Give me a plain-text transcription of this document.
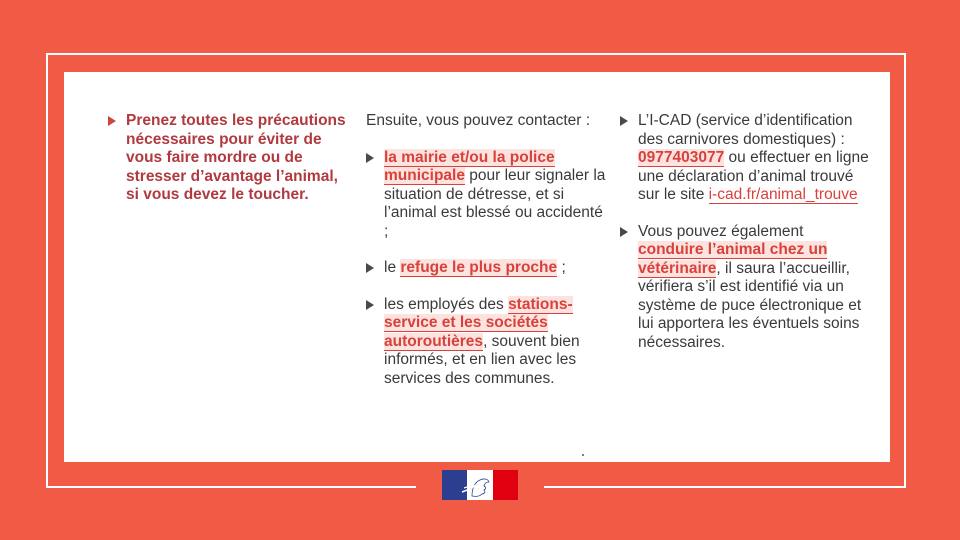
Prenez toutes les précautions nécessaires pour éviter de vous faire mordre ou de stresser d’avantage l’animal, si vous devez le toucher.
Ensuite, vous pouvez contacter :
la mairie et/ou la police municipale pour leur signaler la situation de détresse, et si l’animal est blessé ou accidenté ;
le refuge le plus proche ;
les employés des stations-service et les sociétés autoroutières, souvent bien informés, et en lien avec les services des communes.
L’I-CAD (service d’identification des carnivores domestiques) : 0977403077 ou effectuer en ligne une déclaration d’animal trouvé sur le site i-cad.fr/animal_trouve
Vous pouvez également conduire l’animal chez un vétérinaire, il saura l’accueillir, vérifiera s’il est identifié via un système de puce électronique et lui apportera les éventuels soins nécessaires.
